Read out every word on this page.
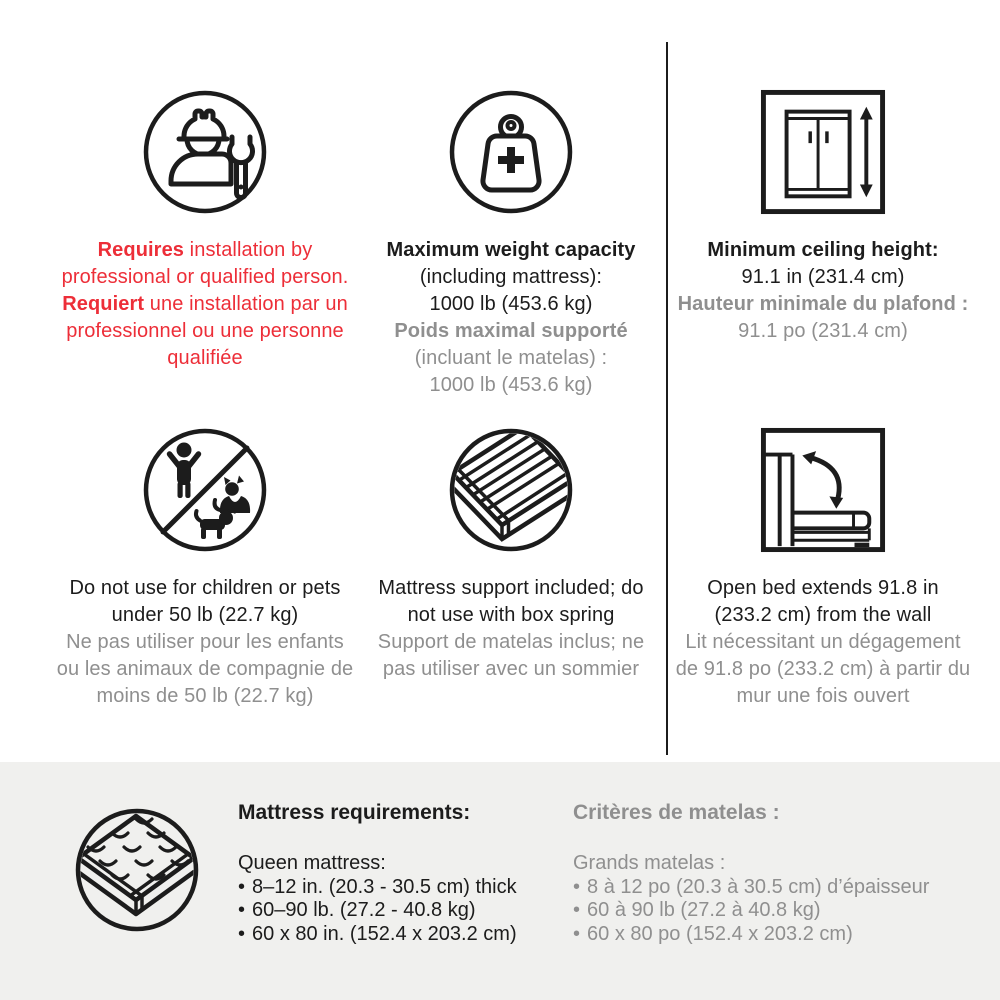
Requires installation by
professional or qualified person.
Requiert une installation par un
professionnel ou une personne
qualifiée
Maximum weight capacity
(including mattress):
1000 lb (453.6 kg)
Poids maximal supporté
(incluant le matelas) :
1000 lb (453.6 kg)
Minimum ceiling height:
91.1 in (231.4 cm)
Hauteur minimale du plafond :
91.1 po (231.4 cm)
Do not use for children or pets
under 50 lb (22.7 kg)
Ne pas utiliser pour les enfants
ou les animaux de compagnie de
moins de 50 lb (22.7 kg)
Mattress support included; do
not use with box spring
Support de matelas inclus; ne
pas utiliser avec un sommier
Open bed extends 91.8 in
(233.2 cm) from the wall
Lit nécessitant un dégagement
de 91.8 po (233.2 cm) à partir du
mur une fois ouvert
Mattress requirements:
Queen mattress:
• 8–12 in. (20.3 - 30.5 cm) thick
• 60–90 lb. (27.2 - 40.8 kg)
• 60 x 80 in. (152.4 x 203.2 cm)
Critères de matelas :
Grands matelas :
• 8 à 12 po (20.3 à 30.5 cm) d’épaisseur
• 60 à 90 lb (27.2 à 40.8 kg)
• 60 x 80 po (152.4 x 203.2 cm)
